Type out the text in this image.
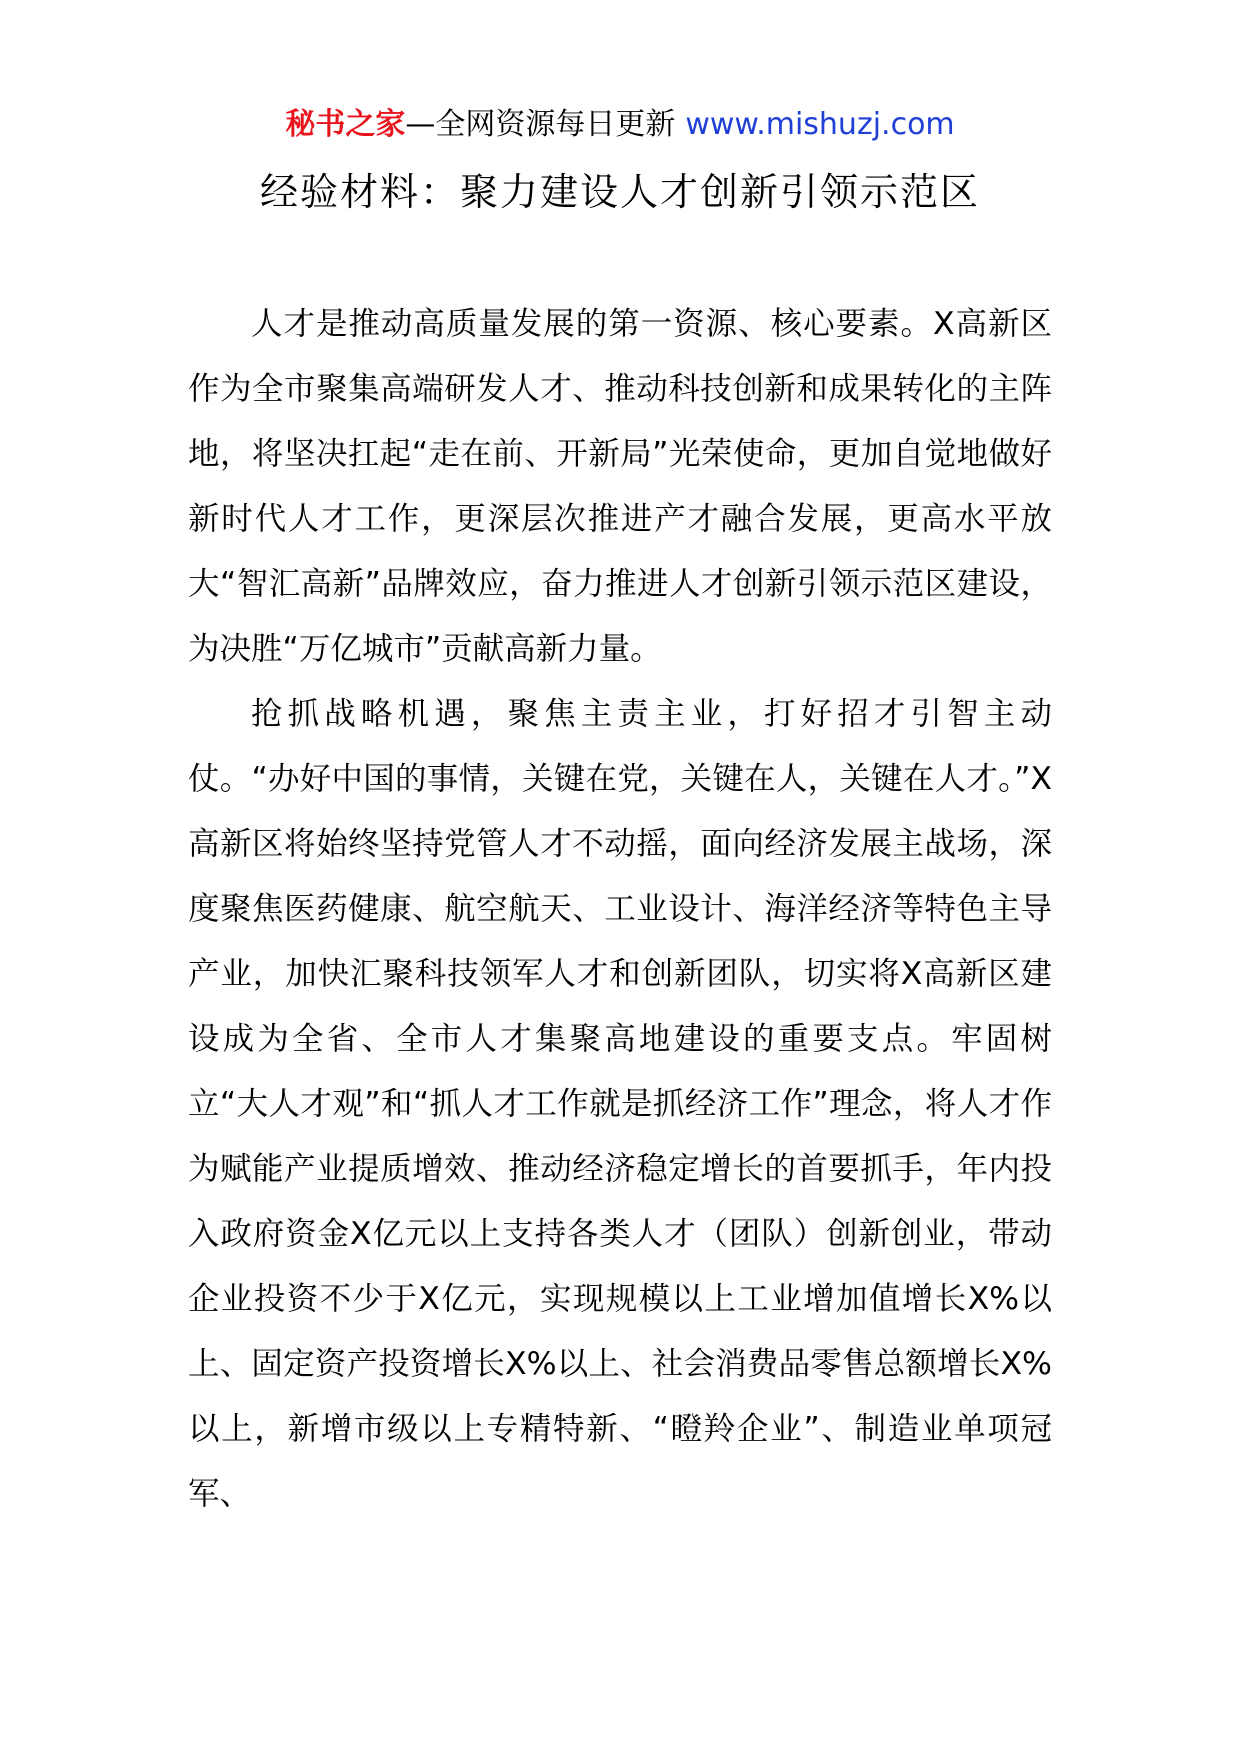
秘书之家—全网资源每日更新 www.mishuzj.com
经验材料：聚力建设人才创新引领示范区

人才是推动高质量发展的第一资源、核心要素。X高新区作为全市聚集高端研发人才、推动科技创新和成果转化的主阵地，将坚决扛起“走在前、开新局”光荣使命，更加自觉地做好新时代人才工作，更深层次推进产才融合发展，更高水平放大“智汇高新”品牌效应，奋力推进人才创新引领示范区建设，为决胜“万亿城市”贡献高新力量。

抢抓战略机遇，聚焦主责主业，打好招才引智主动仗。“办好中国的事情，关键在党，关键在人，关键在人才。”X高新区将始终坚持党管人才不动摇，面向经济发展主战场，深度聚焦医药健康、航空航天、工业设计、海洋经济等特色主导产业，加快汇聚科技领军人才和创新团队，切实将X高新区建设成为全省、全市人才集聚高地建设的重要支点。牢固树立“大人才观”和“抓人才工作就是抓经济工作”理念，将人才作为赋能产业提质增效、推动经济稳定增长的首要抓手，年内投入政府资金X亿元以上支持各类人才（团队）创新创业，带动企业投资不少于X亿元，实现规模以上工业增加值增长X%以上、固定资产投资增长X%以上、社会消费品零售总额增长X%以上，新增市级以上专精特新、“瞪羚企业”、制造业单项冠军、
